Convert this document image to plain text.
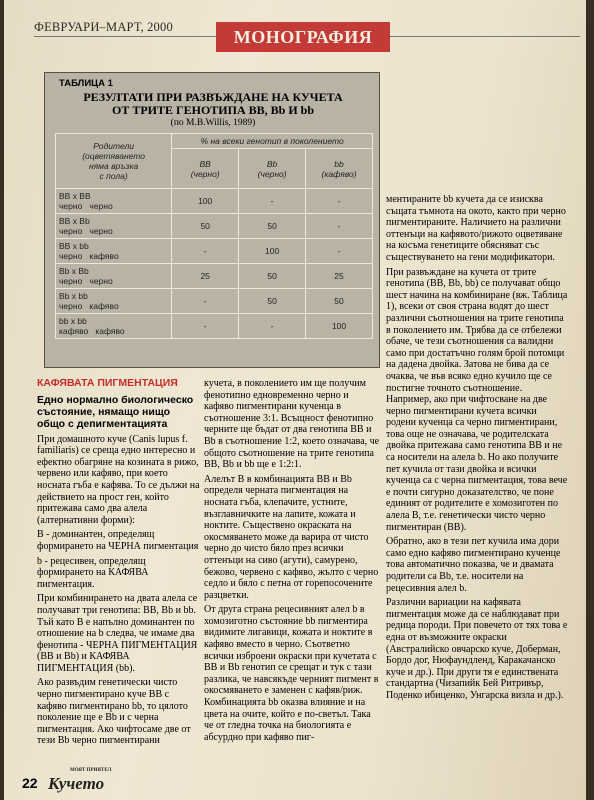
ФЕВРУАРИ–МАРТ, 2000	МОНОГРАФИЯ
ТАБЛИЦА 1
РЕЗУЛТАТИ ПРИ РАЗВЪЖДАНЕ НА КУЧЕТА
ОТ ТРИТЕ ГЕНОТИПА BB, Bb И bb
(по M.B.Willis, 1989)
Родители
(оцветяването
няма връзка
с пола)	% на всеки генотип в поколението		
	BB
(черно)	Bb
(черно)	bb
(кафяво)

BB x BB
черно   черно	100	-	-

BB x Bb
черно   черно	50	50	-

BB x bb
черно   кафяво	-	100	-

Bb x Bb
черно   черно	25	50	25

Bb x bb
черно   кафяво	-	50	50

bb x bb
кафяво   кафяво	-	-	100
КАФЯВАТА ПИГМЕНТАЦИЯ
Едно нормално биологическо състояние, нямащо нищо общо с депигментацията

При домашното куче (Canis lupus f. familiaris) се среща едно интересно и ефектно обагряне на козината в рижо, червено или кафяво, при което носната гъба е кафява. То се дължи на действието на прост ген, който притежава само два алела (алтернативни форми):

B - доминантен, определящ формирането на ЧЕРНА пигментация

b - рецесивен, определящ формирането на КАФЯВА пигментация.

При комбинирането на двата алела се получават три генотипа: BB, Bb и bb. Тъй като B е напълно доминантен по отношение на b следва, че имаме два фенотипа - ЧЕРНА ПИГМЕНТАЦИЯ (BB и Bb) и КАФЯВА ПИГМЕНТАЦИЯ (bb).

Ако развъдим генетически чисто черно пигментирано куче BB с кафяво пигментирано bb, то цялото поколение ще е Bb и с черна пигментация. Ако чифтосаме две от тези Bb черно пигментирани

кучета, в поколението им ще получим фенотипно едновременно черно и кафяво пигментирани кученца в съотношение 3:1. Всъщност фенотипно черните ще бъдат от два генотипа BB и Bb в съотношение 1:2, което означава, че общото съотношение на трите генотипа BB, Bb и bb ще е 1:2:1.

Алелът B в комбинацията BB и Bb определя черната пигментация на носната гъба, клепачите, устните, възглавничките на лапите, кожата и ноктите. Съществено окраската на окосмяването може да варира от чисто черно до чисто бяло през всички оттенъци на сиво (агути), самурено, бежово, червено с кафяво, жълто с черно седло и бяло с петна от горепосочените разцветки.

От друга страна рецесивният алел b в хомозиготно състояние bb пигментира видимите лигавици, кожата и ноктите в кафяво вместо в черно. Съответно всички изброени окраски при кучетата с BB и Bb генотип се срещат и тук с тази разлика, че навсякъде черният пигмент в окосмяването е заменен с кафяв/риж. Комбинацията bb оказва влияние и на цвета на очите, който е по-светъл. Така че от гледна точка на биологията е абсурдно при кафяво пиг-

ментираните bb кучета да се изисква същата тъмнота на окото, както при черно пигментираните. Наличието на различни оттенъци на кафявото/рижото оцветяване на косъма генетиците обясняват със съществуването на гени модификатори.

При развъждане на кучета от трите генотипа (BB, Bb, bb) се получават общо шест начина на комбиниране (вж. Таблица 1), всеки от своя страна водят до шест различни съотношения на трите генотипа в поколението им. Трябва да се отбележи обаче, че тези съотношения са валидни само при достатъчно голям брой потомци на дадена двойка. Затова не бива да се очаква, че във всяко едно кучило ще се постигне точното съотношение. Например, ако при чифтосване на две черно пигментирани кучета всички родени кученца са черно пигментирани, това още не означава, че родителската двойка притежава само генотипа BB и не са носители на алела b. Но ако получите пет кучила от тази двойка и всички кученца са с черна пигментация, това вече е почти сигурно доказателство, че поне единият от родителите е хомозиготен по алела B, т.е. генетически чисто черно пигментиран (BB).

Обратно, ако в тези пет кучила има дори само едно кафяво пигментирано кученце това автоматично показва, че и двамата родители са Bb, т.е. носители на рецесивния алел b.

Различни вариации на кафявата пигментация може да се наблюдават при редица породи. При повечето от тях това е една от възможните окраски (Австралийско овчарско куче, Доберман, Бордо дог, Нюфаундленд, Каракачанско куче и др.). При други тя е единствената стандартна (Чизапийк Бей Ритривър, Поденко ибиценко, Унгарска визла и др.).

22
МОЯТ ПРИЯТЕЛ
Кучето
